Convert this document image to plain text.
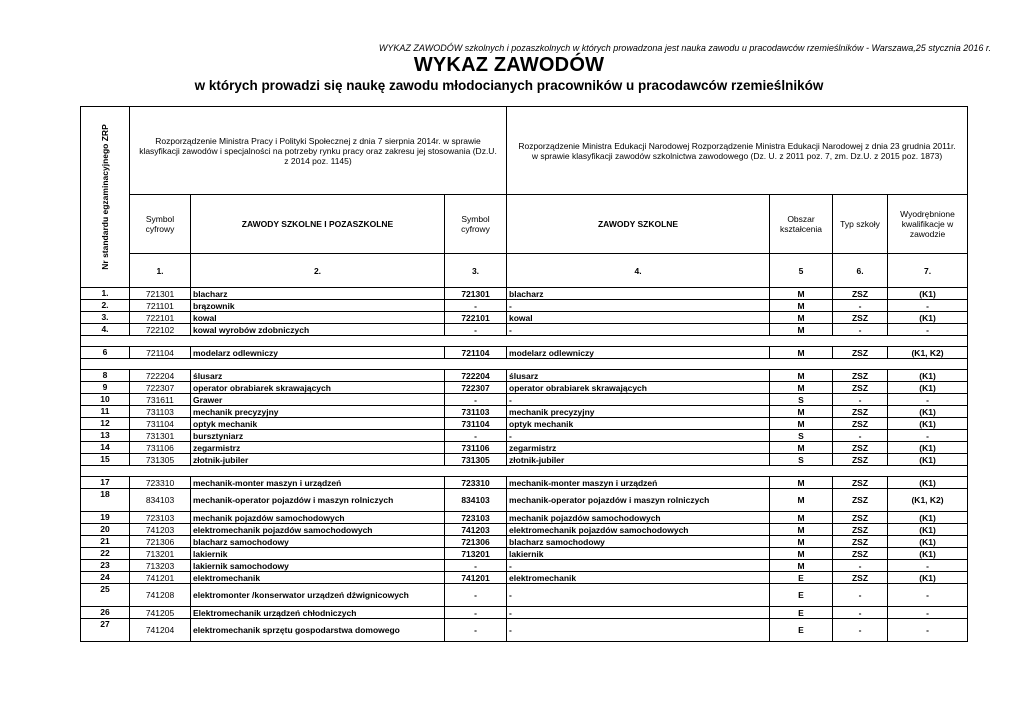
WYKAZ ZAWODÓW szkolnych i pozaszkolnych w których prowadzona jest nauka zawodu u pracodawców rzemieślników - Warszawa,25 stycznia 2016 r.
WYKAZ ZAWODÓW
w których prowadzi się naukę zawodu młodocianych pracowników u pracodawców rzemieślników
Nr standardu egzaminacyjnego ZRP	Rozporządzenie Ministra Pracy i Polityki Społecznej z dnia 7 sierpnia 2014r. w sprawie klasyfikacji zawodów i specjalności na potrzeby rynku pracy oraz zakresu jej stosowania (Dz.U. z 2014 poz. 1145)			Rozporządzenie Ministra Edukacji Narodowej Rozporządzenie Ministra Edukacji Narodowej z dnia 23 grudnia 2011r. w sprawie klasyfikacji zawodów szkolnictwa zawodowego (Dz. U. z 2011 poz. 7, zm. Dz.U. z 2015 poz. 1873)			
	Symbol cyfrowy	ZAWODY SZKOLNE I POZASZKOLNE	Symbol cyfrowy	ZAWODY SZKOLNE	Obszar kształcenia	Typ szkoły	Wyodrębnione kwalifikacje w zawodzie
	1.	2.	3.	4.	5	6.	7.
1.	721301	blacharz	721301	blacharz	M	ZSZ	(K1)
2.	721101	brązownik	-	-	M	-	-
3.	722101	kowal	722101	kowal	M	ZSZ	(K1)
4.	722102	kowal wyrobów zdobniczych	-	-	M	-	-

6	721104	modelarz odlewniczy	721104	modelarz odlewniczy	M	ZSZ	(K1, K2)

8	722204	ślusarz	722204	ślusarz	M	ZSZ	(K1)
9	722307	operator obrabiarek skrawających	722307	operator obrabiarek skrawających	M	ZSZ	(K1)
10	731611	Grawer	-	-	S	-	-
11	731103	mechanik precyzyjny	731103	mechanik precyzyjny	M	ZSZ	(K1)
12	731104	optyk mechanik	731104	optyk mechanik	M	ZSZ	(K1)
13	731301	bursztyniarz	-	-	S	-	-
14	731106	zegarmistrz	731106	zegarmistrz	M	ZSZ	(K1)
15	731305	złotnik-jubiler	731305	złotnik-jubiler	S	ZSZ	(K1)

17	723310	mechanik-monter maszyn i urządzeń	723310	mechanik-monter maszyn i urządzeń	M	ZSZ	(K1)
18	834103	mechanik-operator pojazdów i maszyn rolniczych	834103	mechanik-operator pojazdów i maszyn rolniczych	M	ZSZ	(K1, K2)
19	723103	mechanik pojazdów samochodowych	723103	mechanik pojazdów samochodowych	M	ZSZ	(K1)
20	741203	elektromechanik pojazdów samochodowych	741203	elektromechanik pojazdów samochodowych	M	ZSZ	(K1)
21	721306	blacharz samochodowy	721306	blacharz samochodowy	M	ZSZ	(K1)
22	713201	lakiernik	713201	lakiernik	M	ZSZ	(K1)
23	713203	lakiernik samochodowy	-	-	M	-	-
24	741201	elektromechanik	741201	elektromechanik	E	ZSZ	(K1)
25	741208	elektromonter /konserwator urządzeń dźwignicowych	-	-	E	-	-
26	741205	Elektromechanik urządzeń chłodniczych	-	-	E	-	-
27	741204	elektromechanik sprzętu gospodarstwa domowego	-	-	E	-	-
